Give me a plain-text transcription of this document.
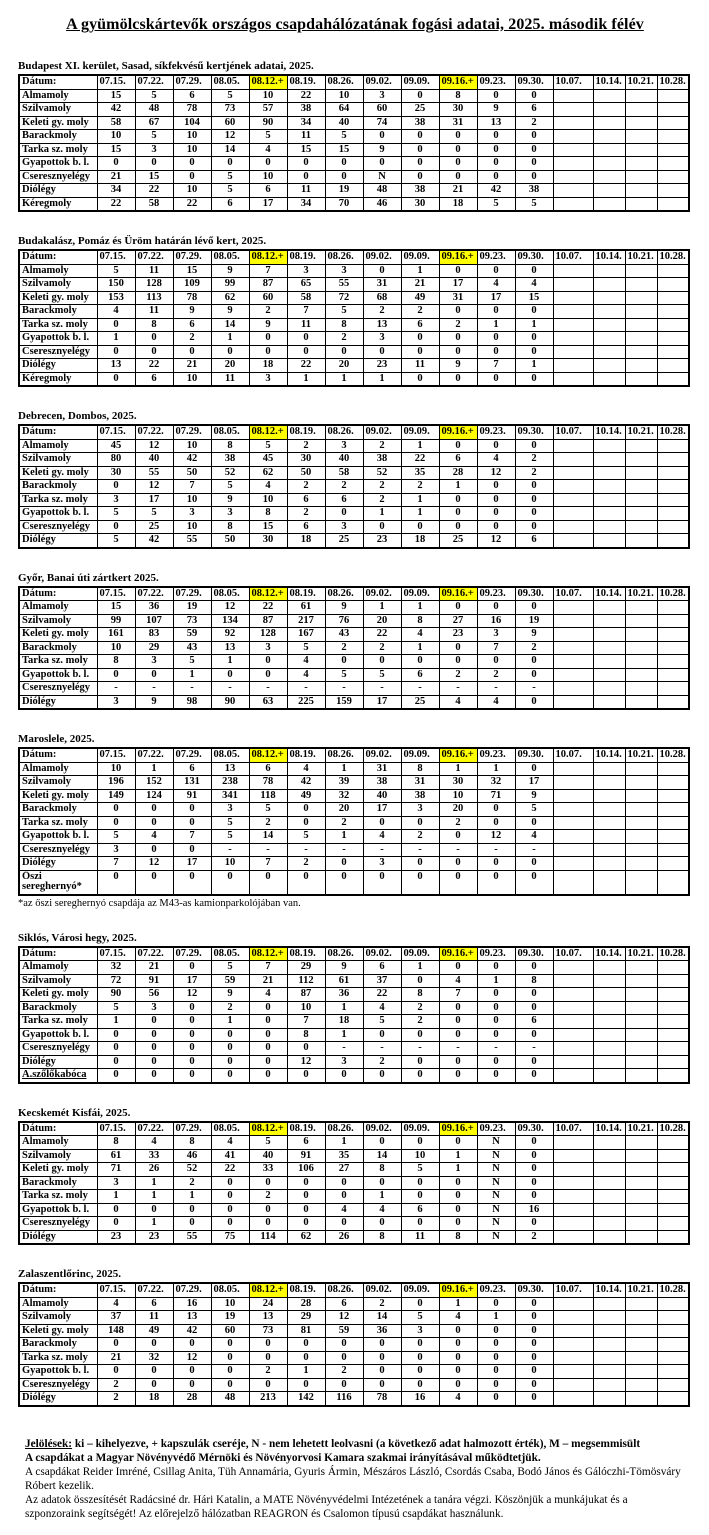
A gyümölcskártevők országos csapdahálózatának fogási adatai, 2025. második félév
Budapest XI. kerület, Sasad, síkfekvésű kertjének adatai, 2025.
Dátum:	07.15.	07.22.	07.29.	08.05.	08.12.+	08.19.	08.26.	09.02.	09.09.	09.16.+	09.23.	09.30.	10.07.	10.14.	10.21.	10.28.
Almamoly	15	5	6	5	10	22	10	3	0	8	0	0				
Szilvamoly	42	48	78	73	57	38	64	60	25	30	9	6				
Keleti gy. moly	58	67	104	60	90	34	40	74	38	31	13	2				
Barackmoly	10	5	10	12	5	11	5	0	0	0	0	0				
Tarka sz. moly	15	3	10	14	4	15	15	9	0	0	0	0				
Gyapottok b. l.	0	0	0	0	0	0	0	0	0	0	0	0				
Cseresznyelégy	21	15	0	5	10	0	0	N	0	0	0	0				
Diólégy	34	22	10	5	6	11	19	48	38	21	42	38				
Kéregmoly	22	58	22	6	17	34	70	46	30	18	5	5				
Budakalász, Pomáz és Üröm határán lévő kert, 2025.
Dátum:	07.15.	07.22.	07.29.	08.05.	08.12.+	08.19.	08.26.	09.02.	09.09.	09.16.+	09.23.	09.30.	10.07.	10.14.	10.21.	10.28.
Almamoly	5	11	15	9	7	3	3	0	1	0	0	0				
Szilvamoly	150	128	109	99	87	65	55	31	21	17	4	4				
Keleti gy. moly	153	113	78	62	60	58	72	68	49	31	17	15				
Barackmoly	4	11	9	9	2	7	5	2	2	0	0	0				
Tarka sz. moly	0	8	6	14	9	11	8	13	6	2	1	1				
Gyapottok b. l.	1	0	2	1	0	0	2	3	0	0	0	0				
Cseresznyelégy	0	0	0	0	0	0	0	0	0	0	0	0				
Diólégy	13	22	21	20	18	22	20	23	11	9	7	1				
Kéregmoly	0	6	10	11	3	1	1	1	0	0	0	0				
Debrecen, Dombos, 2025.
Dátum:	07.15.	07.22.	07.29.	08.05.	08.12.+	08.19.	08.26.	09.02.	09.09.	09.16.+	09.23.	09.30.	10.07.	10.14.	10.21.	10.28.
Almamoly	45	12	10	8	5	2	3	2	1	0	0	0				
Szilvamoly	80	40	42	38	45	30	40	38	22	6	4	2				
Keleti gy. moly	30	55	50	52	62	50	58	52	35	28	12	2				
Barackmoly	0	12	7	5	4	2	2	2	2	1	0	0				
Tarka sz. moly	3	17	10	9	10	6	6	2	1	0	0	0				
Gyapottok b. l.	5	5	3	3	8	2	0	1	1	0	0	0				
Cseresznyelégy	0	25	10	8	15	6	3	0	0	0	0	0				
Diólégy	5	42	55	50	30	18	25	23	18	25	12	6				
Győr, Banai úti zártkert 2025.
Dátum:	07.15.	07.22.	07.29.	08.05.	08.12.+	08.19.	08.26.	09.02.	09.09.	09.16.+	09.23.	09.30.	10.07.	10.14.	10.21.	10.28.
Almamoly	15	36	19	12	22	61	9	1	1	0	0	0				
Szilvamoly	99	107	73	134	87	217	76	20	8	27	16	19				
Keleti gy. moly	161	83	59	92	128	167	43	22	4	23	3	9				
Barackmoly	10	29	43	13	3	5	2	2	1	0	7	2				
Tarka sz. moly	8	3	5	1	0	4	0	0	0	0	0	0				
Gyapottok b. l.	0	0	1	0	0	4	5	5	6	2	2	0				
Cseresznyelégy	-	-	-	-	-	-	-	-	-	-	-	-				
Diólégy	3	9	98	90	63	225	159	17	25	4	4	0				
Maroslele, 2025.
Dátum:	07.15.	07.22.	07.29.	08.05.	08.12.+	08.19.	08.26.	09.02.	09.09.	09.16.+	09.23.	09.30.	10.07.	10.14.	10.21.	10.28.
Almamoly	10	1	6	13	6	4	1	31	8	1	1	0				
Szilvamoly	196	152	131	238	78	42	39	38	31	30	32	17				
Keleti gy. moly	149	124	91	341	118	49	32	40	38	10	71	9				
Barackmoly	0	0	0	3	5	0	20	17	3	20	0	5				
Tarka sz. moly	0	0	0	5	2	0	2	0	0	2	0	0				
Gyapottok b. l.	5	4	7	5	14	5	1	4	2	0	12	4				
Cseresznyelégy	3	0	0	-	-	-	-	-	-	-	-	-				
Diólégy	7	12	17	10	7	2	0	3	0	0	0	0				
Őszi sereghernyó*	0	0	0	0	0	0	0	0	0	0	0	0				
*az őszi sereghernyó csapdája az M43-as kamionparkolójában van.
Siklós, Városi hegy, 2025.
Dátum:	07.15.	07.22.	07.29.	08.05.	08.12.+	08.19.	08.26.	09.02.	09.09.	09.16.+	09.23.	09.30.	10.07.	10.14.	10.21.	10.28.
Almamoly	32	21	0	5	7	29	9	6	1	0	0	0				
Szilvamoly	72	91	17	59	21	112	61	37	0	4	1	8				
Keleti gy. moly	90	56	12	9	4	87	36	22	8	7	0	0				
Barackmoly	5	3	0	2	0	10	1	4	2	0	0	0				
Tarka sz. moly	1	0	0	1	0	7	18	5	2	0	0	6				
Gyapottok b. l.	0	0	0	0	0	8	1	0	0	0	0	0				
Cseresznyelégy	0	0	0	0	0	0	-	-	-	-	-	-				
Diólégy	0	0	0	0	0	12	3	2	0	0	0	0				
A.szőlőkabóca	0	0	0	0	0	0	0	0	0	0	0	0				
Kecskemét Kisfái, 2025.
Dátum:	07.15.	07.22.	07.29.	08.05.	08.12.+	08.19.	08.26.	09.02.	09.09.	09.16.+	09.23.	09.30.	10.07.	10.14.	10.21.	10.28.
Almamoly	8	4	8	4	5	6	1	0	0	0	N	0				
Szilvamoly	61	33	46	41	40	91	35	14	10	1	N	0				
Keleti gy. moly	71	26	52	22	33	106	27	8	5	1	N	0				
Barackmoly	3	1	2	0	0	0	0	0	0	0	N	0				
Tarka sz. moly	1	1	1	0	2	0	0	1	0	0	N	0				
Gyapottok b. l.	0	0	0	0	0	0	4	4	6	0	N	16				
Cseresznyelégy	0	1	0	0	0	0	0	0	0	0	N	0				
Diólégy	23	23	55	75	114	62	26	8	11	8	N	2				
Zalaszentlőrinc, 2025.
Dátum:	07.15.	07.22.	07.29.	08.05.	08.12.+	08.19.	08.26.	09.02.	09.09.	09.16.+	09.23.	09.30.	10.07.	10.14.	10.21.	10.28.
Almamoly	4	6	16	10	24	28	6	2	0	1	0	0				
Szilvamoly	37	11	13	19	13	29	12	14	5	4	1	0				
Keleti gy. moly	148	49	42	60	73	81	59	36	3	0	0	0				
Barackmoly	0	0	0	0	0	0	0	0	0	0	0	0				
Tarka sz. moly	21	32	12	0	0	0	0	0	0	0	0	0				
Gyapottok b. l.	0	0	0	0	2	1	2	0	0	0	0	0				
Cseresznyelégy	2	0	0	0	0	0	0	0	0	0	0	0				
Diólégy	2	18	28	48	213	142	116	78	16	4	0	0				

Jelölések: ki – kihelyezve, + kapszulák cseréje, N - nem lehetett leolvasni (a következő adat halmozott érték), M – megsemmisült

A csapdákat a Magyar Növényvédő Mérnöki és Növényorvosi Kamara szakmai irányításával működtetjük.

A csapdákat Reider Imréné, Csillag Anita, Tüh Annamária, Gyuris Ármin, Mészáros László, Csordás Csaba, Bodó János és Gálóczhi-Tömösváry Róbert kezelik.

Az adatok összesítését Radácsiné dr. Hári Katalin, a MATE Növényvédelmi Intézetének a tanára végzi. Köszönjük a munkájukat és a szponzoraink segítségét! Az előrejelző hálózatban REAGRON és Csalomon típusú csapdákat használunk.
